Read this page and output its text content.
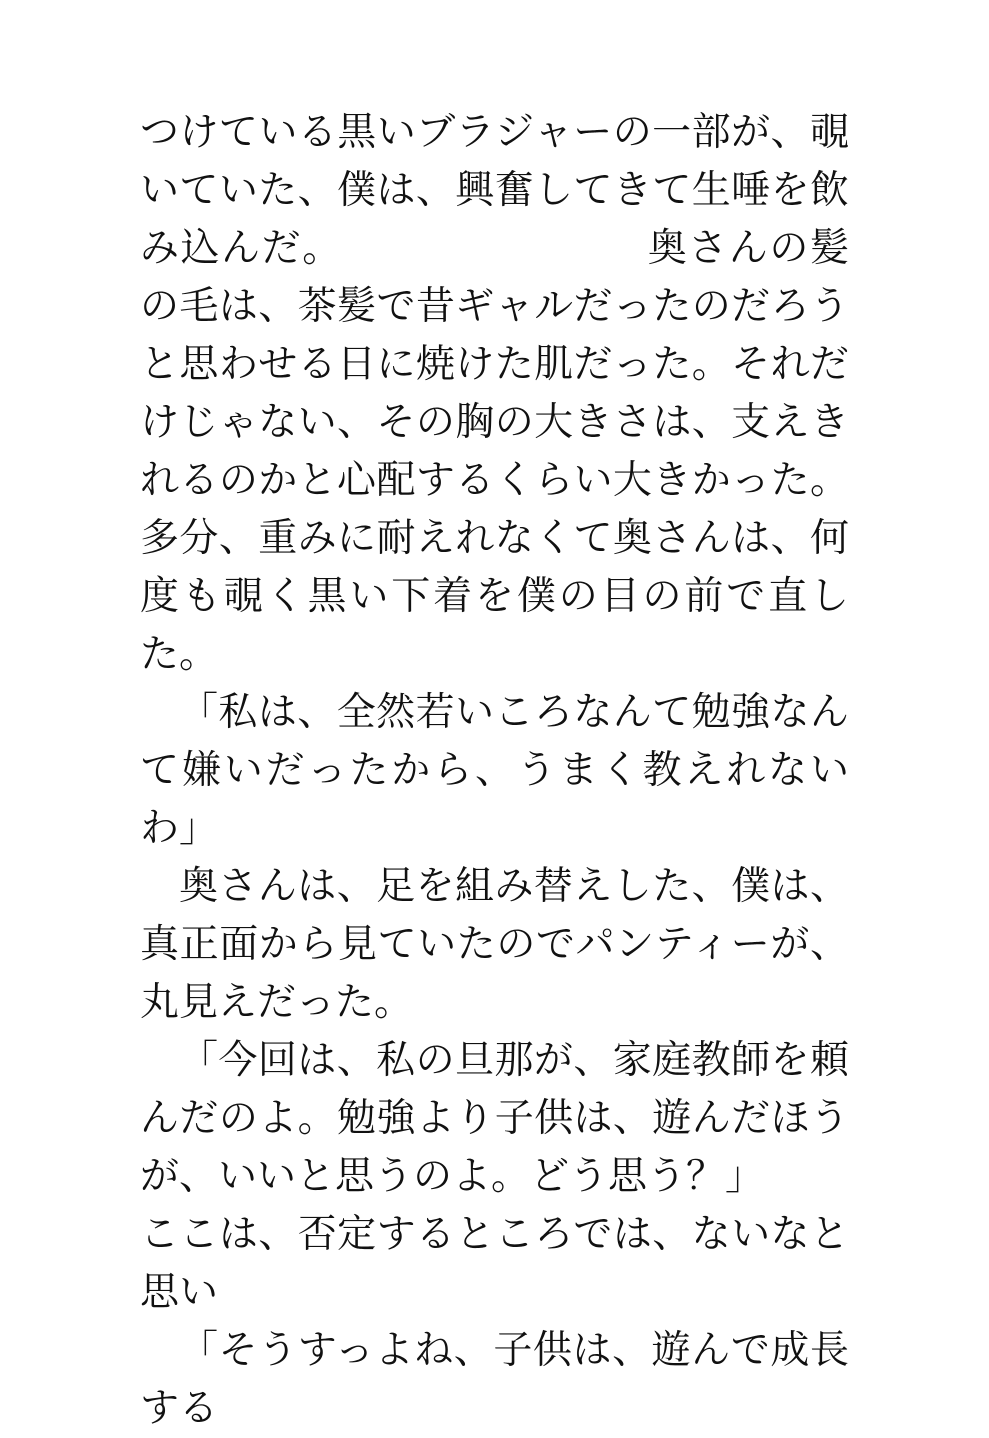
つけている黒いブラジャーの一部が、覗いていた、僕は、興奮してきて生唾を飲み込んだ。　　　　　　　　奥さんの髪の毛は、茶髪で昔ギャルだったのだろうと思わせる日に焼けた肌だった。それだけじゃない、その胸の大きさは、支えきれるのかと心配するくらい大きかった。多分、重みに耐えれなくて奥さんは、何度も覗く黒い下着を僕の目の前で直した。

「私は、全然若いころなんて勉強なんて嫌いだったから、うまく教えれないわ」

奥さんは、足を組み替えした、僕は、真正面から見ていたのでパンティーが、丸見えだった。

「今回は、私の旦那が、家庭教師を頼んだのよ。勉強より子供は、遊んだほうが、いいと思うのよ。どう思う？」

ここは、否定するところでは、ないなと思い

「そうすっよね、子供は、遊んで成長する
